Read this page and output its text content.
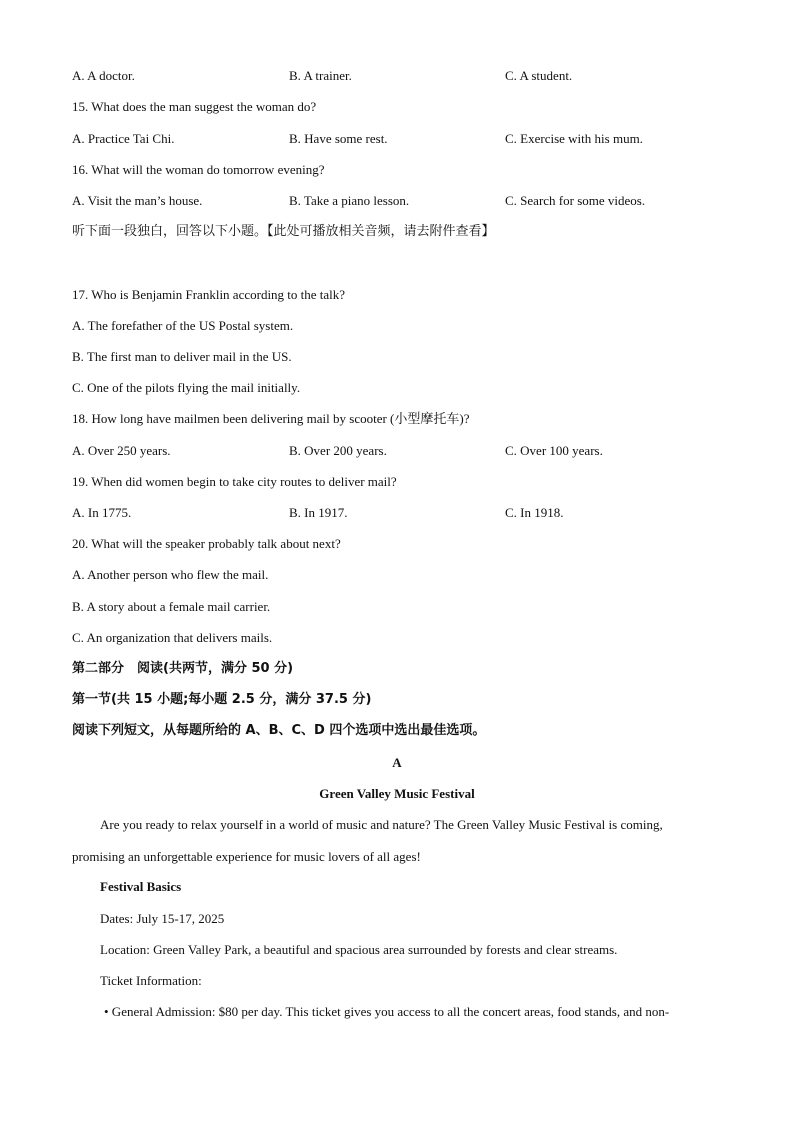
A. A doctor.	B. A trainer.	C. A student.
15. What does the man suggest the woman do?
A. Practice Tai Chi.	B. Have some rest.	C. Exercise with his mum.
16. What will the woman do tomorrow evening?
A. Visit the man’s house.	B. Take a piano lesson.	C. Search for some videos.
听下面一段独白，回答以下小题。【此处可播放相关音频，请去附件查看】
17. Who is Benjamin Franklin according to the talk?
A. The forefather of the US Postal system.
B. The first man to deliver mail in the US.
C. One of the pilots flying the mail initially.
18. How long have mailmen been delivering mail by scooter (小型摩托车)?
A. Over 250 years.	B. Over 200 years.	C. Over 100 years.
19. When did women begin to take city routes to deliver mail?
A. In 1775.	B. In 1917.	C. In 1918.
20. What will the speaker probably talk about next?
A. Another person who flew the mail.
B. A story about a female mail carrier.
C. An organization that delivers mails.
第二部分　阅读(共两节，满分 50 分)
第一节(共 15 小题;每小题 2.5 分，满分 37.5 分)
阅读下列短文，从每题所给的 A、B、C、D 四个选项中选出最佳选项。
A
Green Valley Music Festival
Are you ready to relax yourself in a world of music and nature? The Green Valley Music Festival is coming,
promising an unforgettable experience for music lovers of all ages!
Festival Basics
Dates: July 15-17, 2025
Location: Green Valley Park, a beautiful and spacious area surrounded by forests and clear streams.
Ticket Information:
• General Admission: $80 per day. This ticket gives you access to all the concert areas, food stands, and non-
